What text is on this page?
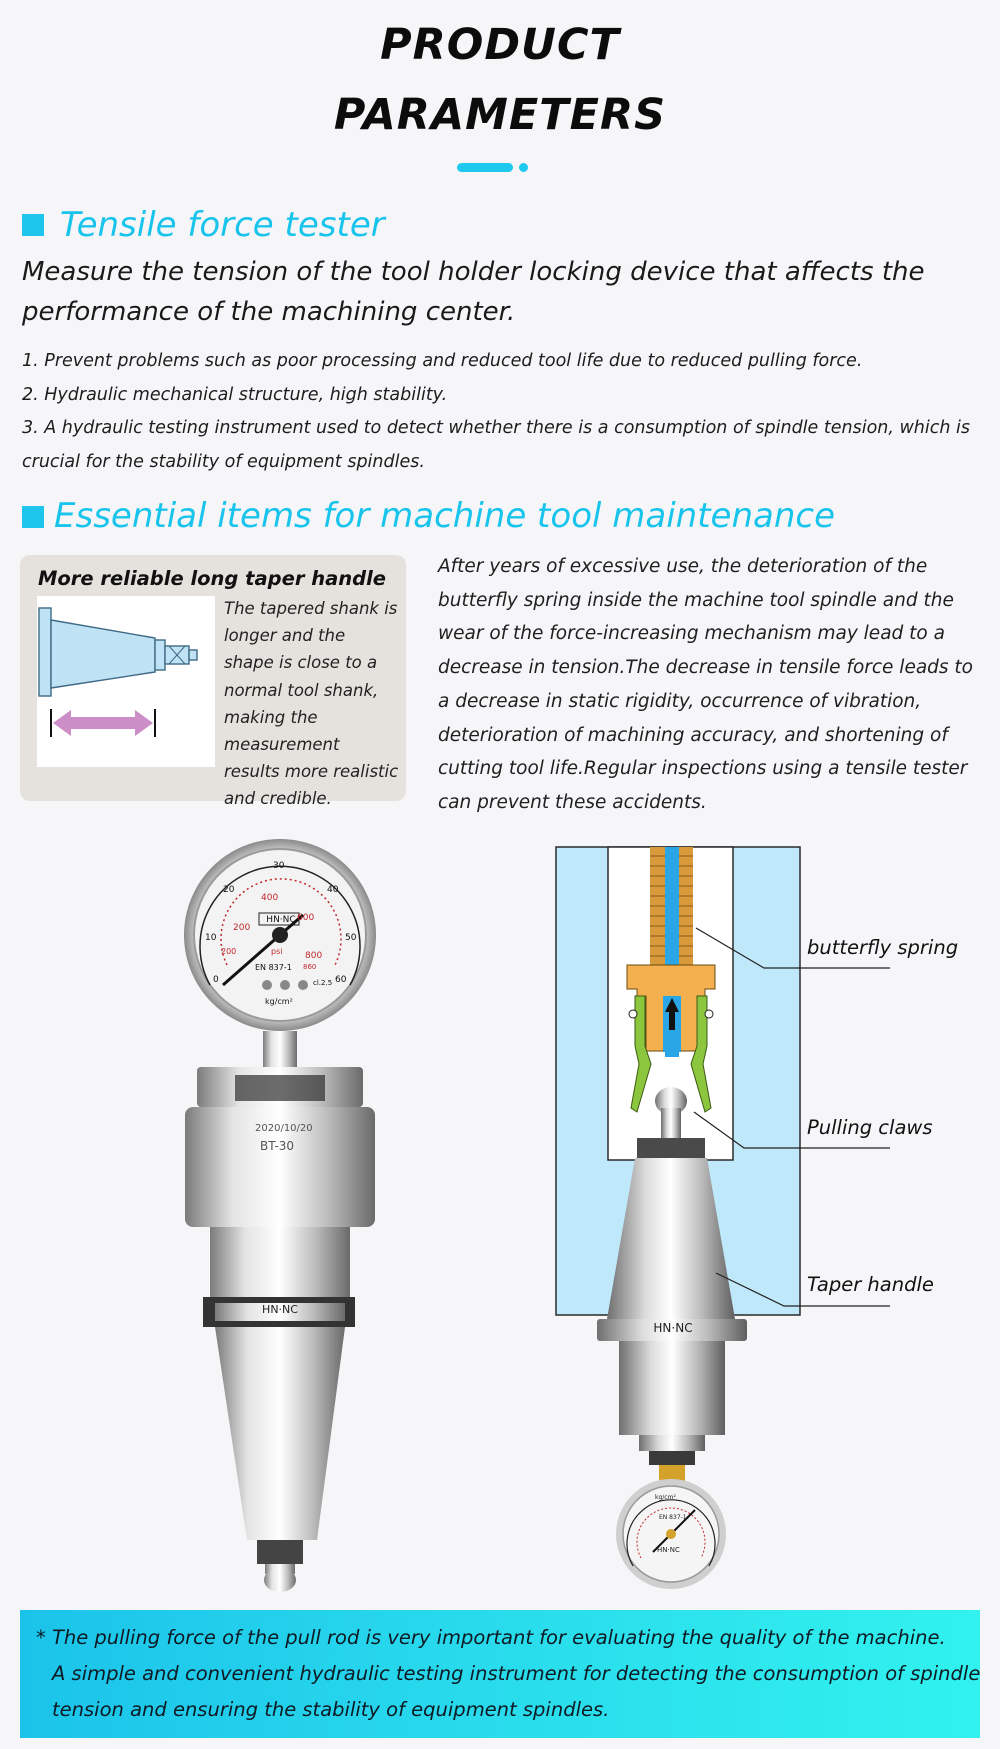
PRODUCT
PARAMETERS
Tensile force tester
Measure the tension of the tool holder locking device that affects the performance of the machining center.
1. Prevent problems such as poor processing and reduced tool life due to reduced pulling force.
2. Hydraulic mechanical structure, high stability.
3. A hydraulic testing instrument used to detect whether there is a consumption of spindle tension, which is crucial for the stability of equipment spindles.
Essential items for machine tool maintenance
More reliable long taper handle
The tapered shank is longer and the shape is close to a normal tool shank, making the measurement results more realistic and credible.
After years of excessive use, the deterioration of the butterfly spring inside the machine tool spindle and the wear of the force-increasing mechanism may lead to a decrease in tension.The decrease in tensile force leads to a decrease in static rigidity, occurrence of vibration, deterioration of machining accuracy, and shortening of cutting tool life.Regular inspections using a tensile tester can prevent these accidents.
HN·NC
0
10
20
30
40
50
60
200
400
600
800
200	psi
EN 837-1 860
cl.2.5
kg/cm²
2020/10/20
BT-30
HN·NC
HN·NC
kg/cm²
EN 837-1
HN·NC
butterfly spring
Pulling claws
Taper handle

* The pulling force of the pull rod is very important for evaluating the quality of the machine.

A simple and convenient hydraulic testing instrument for detecting the consumption of spindle

tension and ensuring the stability of equipment spindles.
